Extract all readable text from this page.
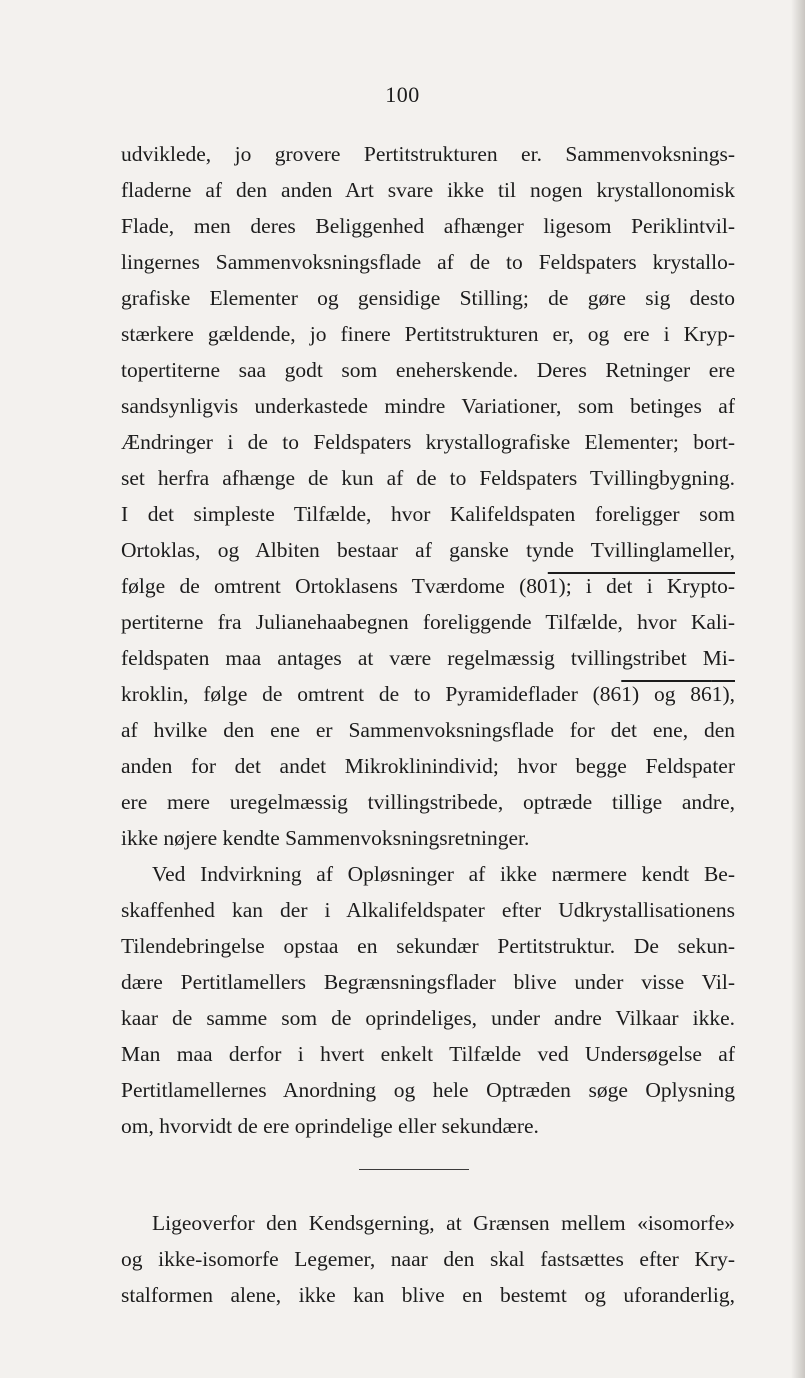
100
udviklede, jo grovere Pertitstrukturen er. Sammenvoksnings-
fladerne af den anden Art svare ikke til nogen krystallonomisk
Flade, men deres Beliggenhed afhænger ligesom Periklintvil-
lingernes Sammenvoksningsflade af de to Feldspaters krystallo-
grafiske Elementer og gensidige Stilling; de gøre sig desto
stærkere gældende, jo finere Pertitstrukturen er, og ere i Kryp-
topertiterne saa godt som eneherskende. Deres Retninger ere
sandsynligvis underkastede mindre Variationer, som betinges af
Ændringer i de to Feldspaters krystallografiske Elementer; bort-
set herfra afhænge de kun af de to Feldspaters Tvillingbygning.
I det simpleste Tilfælde, hvor Kalifeldspaten foreligger som
Ortoklas, og Albiten bestaar af ganske tynde Tvillinglameller,
følge de omtrent Ortoklasens Tværdome (801); i det i Krypto-
pertiterne fra Julianehaabegnen foreliggende Tilfælde, hvor Kali-
feldspaten maa antages at være regelmæssig tvillingstribet Mi-
kroklin, følge de omtrent de to Pyramideflader (861) og 861),
af hvilke den ene er Sammenvoksningsflade for det ene, den
anden for det andet Mikroklinindivid; hvor begge Feldspater
ere mere uregelmæssig tvillingstribede, optræde tillige andre,
ikke nøjere kendte Sammenvoksningsretninger.
Ved Indvirkning af Opløsninger af ikke nærmere kendt Be-
skaffenhed kan der i Alkalifeldspater efter Udkrystallisationens
Tilendebringelse opstaa en sekundær Pertitstruktur. De sekun-
dære Pertitlamellers Begrænsningsflader blive under visse Vil-
kaar de samme som de oprindeliges, under andre Vilkaar ikke.
Man maa derfor i hvert enkelt Tilfælde ved Undersøgelse af
Pertitlamellernes Anordning og hele Optræden søge Oplysning
om, hvorvidt de ere oprindelige eller sekundære.
Ligeoverfor den Kendsgerning, at Grænsen mellem «isomorfe»
og ikke-isomorfe Legemer, naar den skal fastsættes efter Kry-
stalformen alene, ikke kan blive en bestemt og uforanderlig,
